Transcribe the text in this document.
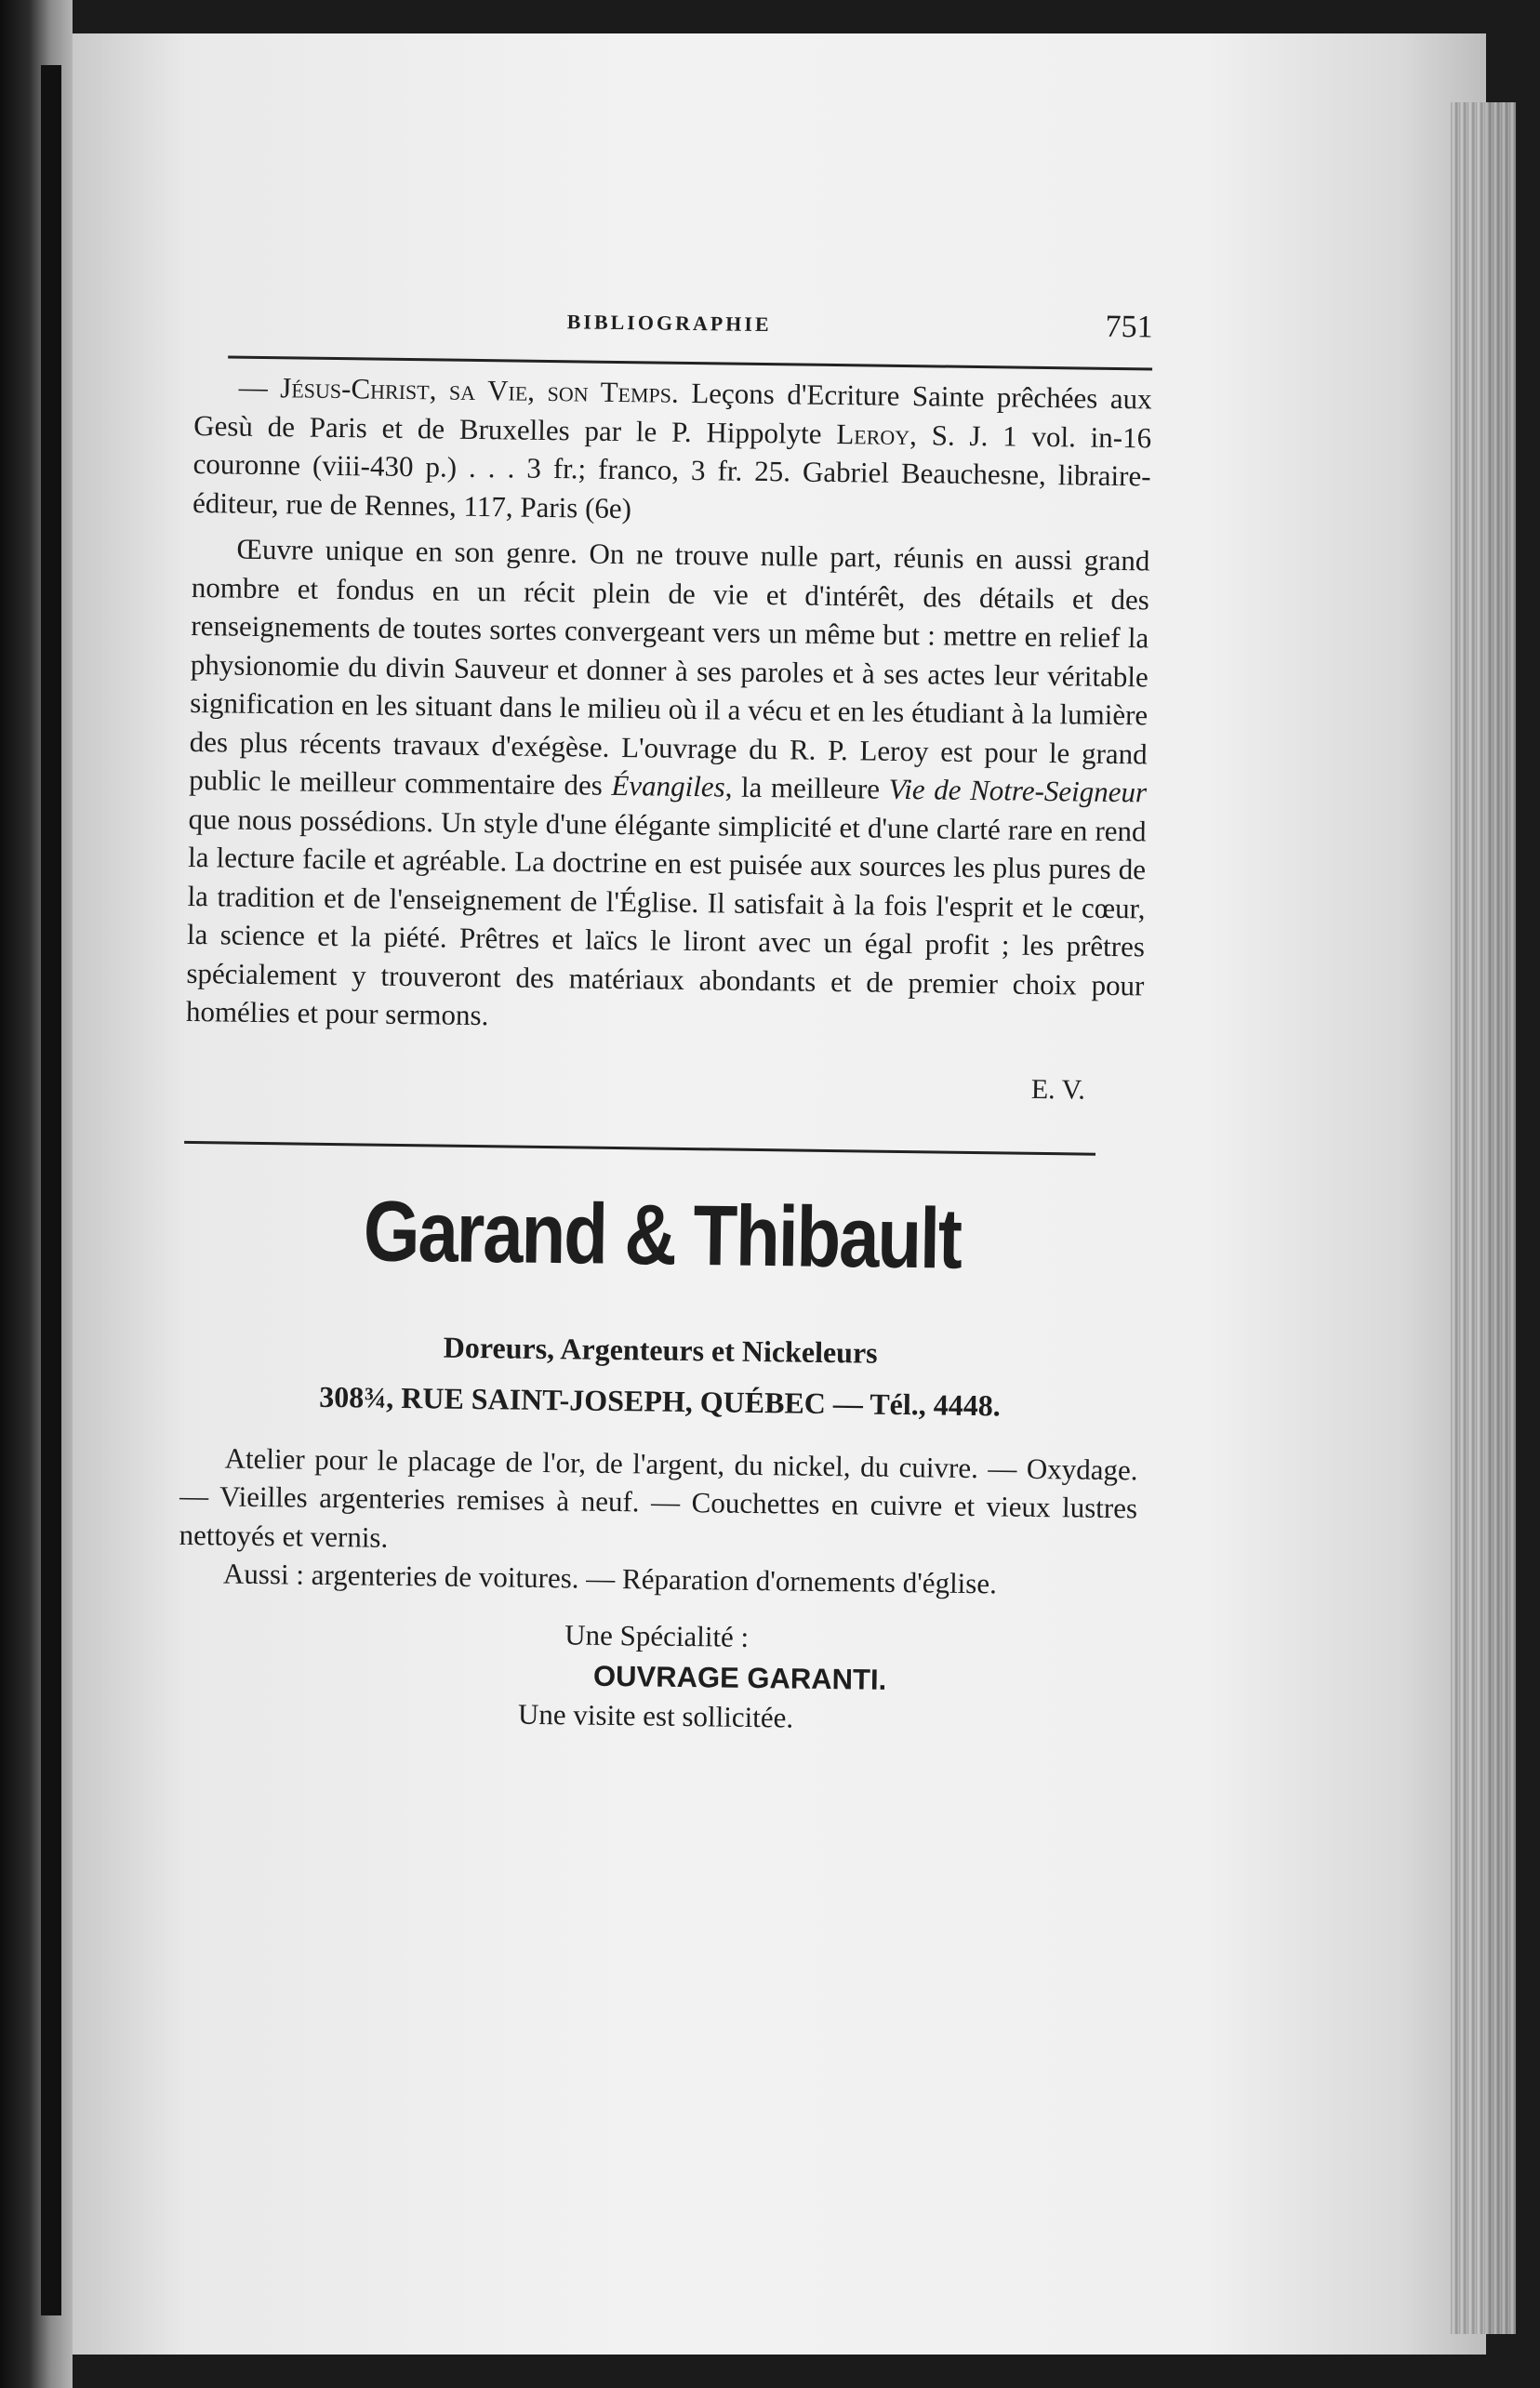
BIBLIOGRAPHIE	751

— Jésus-Christ, sa Vie, son Temps. Leçons d'Ecriture Sainte prêchées aux Gesù de Paris et de Bruxelles par le P. Hippolyte Leroy, S. J. 1 vol. in-16 couronne (viii-430 p.) . . . 3 fr.; franco, 3 fr. 25. Gabriel Beauchesne, libraire-éditeur, rue de Rennes, 117, Paris (6e)

Œuvre unique en son genre. On ne trouve nulle part, réunis en aussi grand nombre et fondus en un récit plein de vie et d'intérêt, des détails et des renseignements de toutes sortes convergeant vers un même but : mettre en relief la physionomie du divin Sauveur et donner à ses paroles et à ses actes leur véritable signification en les situant dans le milieu où il a vécu et en les étudiant à la lumière des plus récents travaux d'exégèse. L'ouvrage du R. P. Leroy est pour le grand public le meilleur commentaire des Évangiles, la meilleure Vie de Notre-Seigneur que nous possédions. Un style d'une élégante simplicité et d'une clarté rare en rend la lecture facile et agréable. La doctrine en est puisée aux sources les plus pures de la tradition et de l'enseignement de l'Église. Il satisfait à la fois l'esprit et le cœur, la science et la piété. Prêtres et laïcs le liront avec un égal profit ; les prêtres spécialement y trouveront des matériaux abondants et de premier choix pour homélies et pour sermons.

E. V.
Garand & Thibault
Doreurs, Argenteurs et Nickeleurs
308¾, RUE SAINT-JOSEPH, QUÉBEC — Tél., 4448.

Atelier pour le placage de l'or, de l'argent, du nickel, du cuivre. — Oxydage. — Vieilles argenteries remises à neuf. — Couchettes en cuivre et vieux lustres nettoyés et vernis.

Aussi : argenteries de voitures. — Réparation d'ornements d'église.

Une Spécialité :
OUVRAGE GARANTI.
Une visite est sollicitée.
